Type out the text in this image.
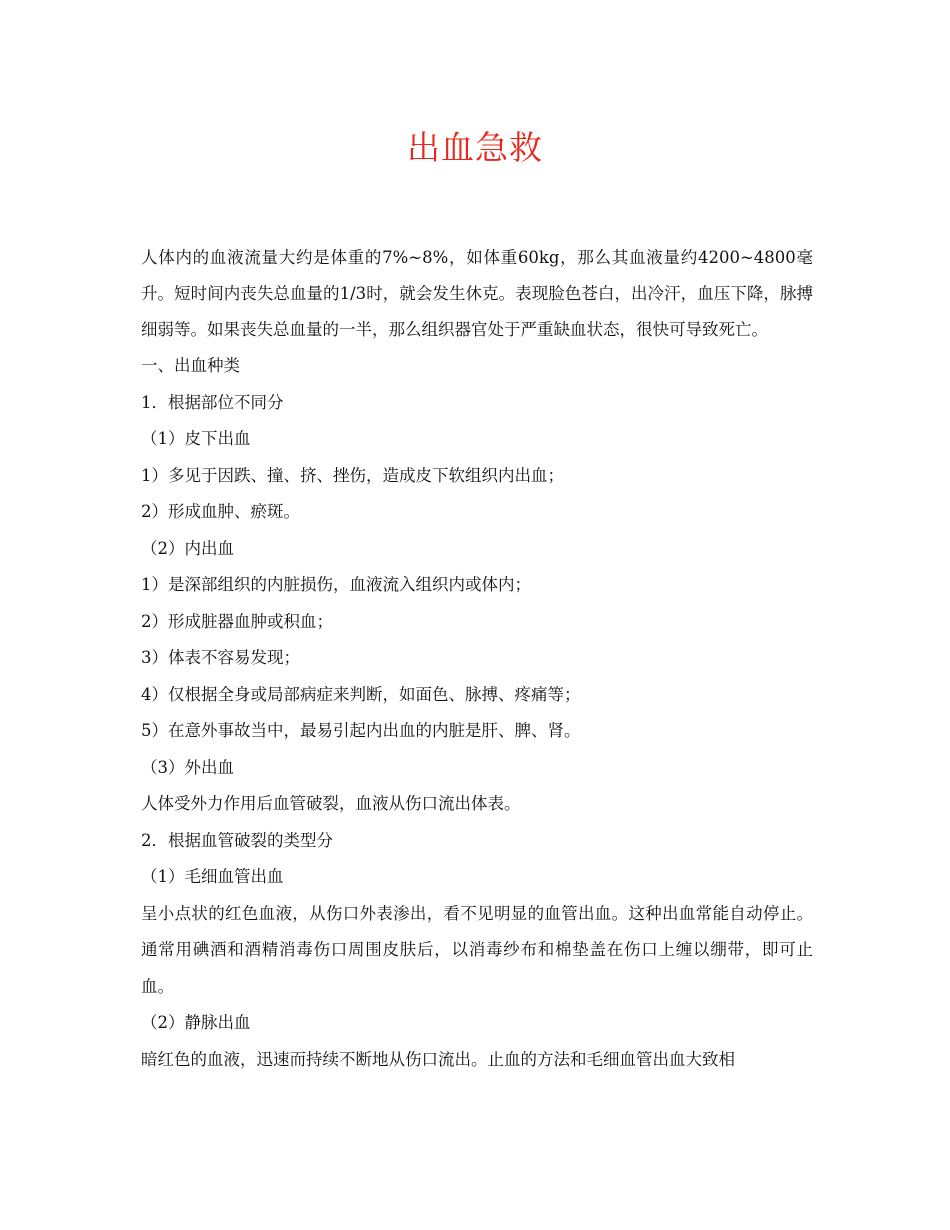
出血急救

人体内的血液流量大约是体重的7%~8%，如体重60kg，那么其血液量约4200~4800毫升。短时间内丧失总血量的1/3时，就会发生休克。表现脸色苍白，出冷汗，血压下降，脉搏细弱等。如果丧失总血量的一半，那么组织器官处于严重缺血状态，很快可导致死亡。

一、出血种类

1．根据部位不同分

（1）皮下出血

1）多见于因跌、撞、挤、挫伤，造成皮下软组织内出血；

2）形成血肿、瘀斑。

（2）内出血

1）是深部组织的内脏损伤，血液流入组织内或体内；

2）形成脏器血肿或积血；

3）体表不容易发现；

4）仅根据全身或局部病症来判断，如面色、脉搏、疼痛等；

5）在意外事故当中，最易引起内出血的内脏是肝、脾、肾。

（3）外出血

人体受外力作用后血管破裂，血液从伤口流出体表。

2．根据血管破裂的类型分

（1）毛细血管出血

呈小点状的红色血液，从伤口外表渗出，看不见明显的血管出血。这种出血常能自动停止。通常用碘酒和酒精消毒伤口周围皮肤后，以消毒纱布和棉垫盖在伤口上缠以绷带，即可止血。

（2）静脉出血

暗红色的血液，迅速而持续不断地从伤口流出。止血的方法和毛细血管出血大致相
